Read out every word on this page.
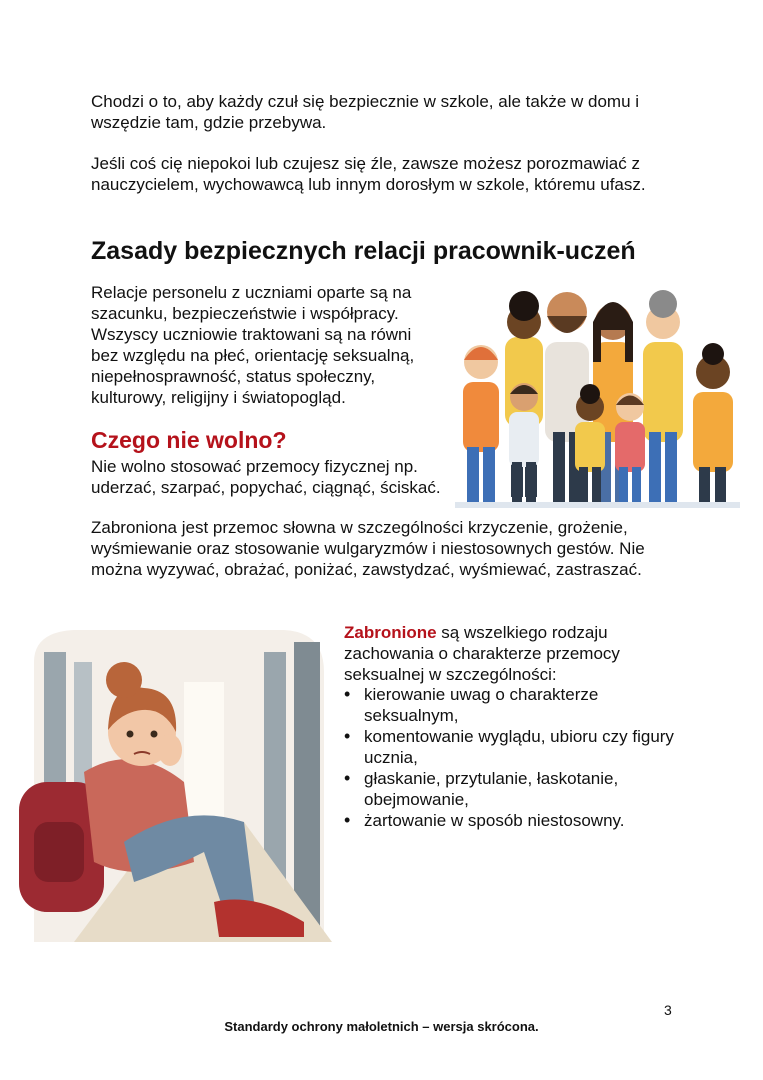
Chodzi o to, aby każdy czuł się bezpiecznie w szkole, ale także w domu i wszędzie tam, gdzie przebywa.

Jeśli coś cię niepokoi lub czujesz się źle, zawsze możesz porozmawiać z nauczycielem, wychowawcą lub innym dorosłym w szkole, któremu ufasz.

Zasady bezpiecznych relacji pracownik-uczeń

Relacje personelu z uczniami oparte są na szacunku, bezpieczeństwie i współpracy. Wszyscy uczniowie traktowani są na równi bez względu na płeć, orientację seksualną, niepełnosprawność, status społeczny, kulturowy, religijny i światopogląd.

Czego nie wolno?

Nie wolno stosować przemocy fizycznej np. uderzać, szarpać, popychać, ciągnąć, ściskać.

Zabroniona jest przemoc słowna w szczególności krzyczenie, grożenie, wyśmiewanie oraz stosowanie wulgaryzmów i niestosownych gestów. Nie można wyzywać, obrażać, poniżać, zawstydzać, wyśmiewać, zastraszać.

Zabronione są wszelkiego rodzaju zachowania o charakterze przemocy seksualnej w szczególności:

• kierowanie uwag o charakterze seksualnym,
• komentowanie wyglądu, ubioru czy figury ucznia,
• głaskanie, przytulanie, łaskotanie, obejmowanie,
• żartowanie w sposób niestosowny.
3
Standardy ochrony małoletnich – wersja skrócona.
